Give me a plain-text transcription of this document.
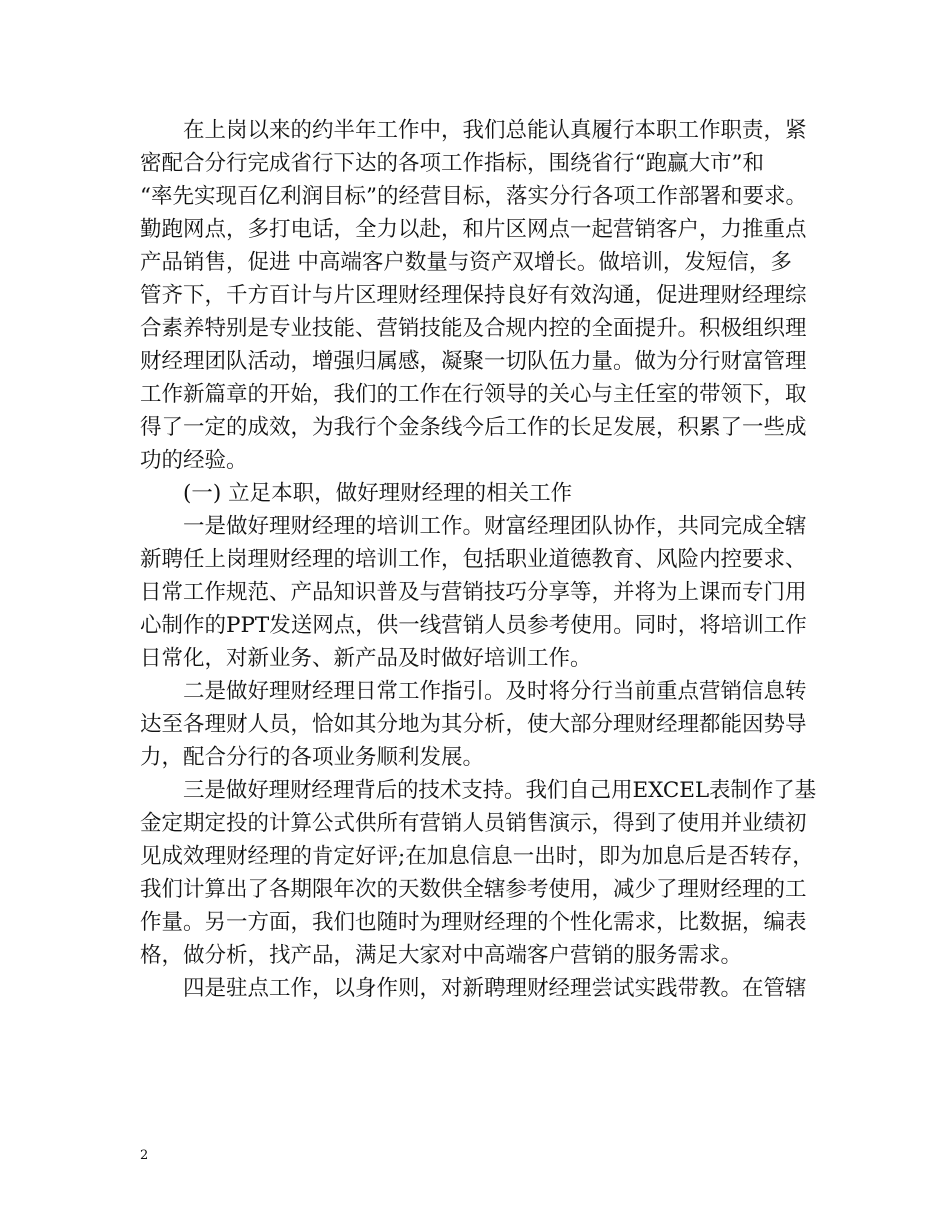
在上岗以来的约半年工作中，我们总能认真履行本职工作职责，紧
密配合分行完成省行下达的各项工作指标，围绕省行“跑赢大市”和
“率先实现百亿利润目标”的经营目标，落实分行各项工作部署和要求。
勤跑网点，多打电话，全力以赴，和片区网点一起营销客户，力推重点
产品销售，促进 中高端客户数量与资产双增长。做培训，发短信，多
管齐下，千方百计与片区理财经理保持良好有效沟通，促进理财经理综
合素养特别是专业技能、营销技能及合规内控的全面提升。积极组织理
财经理团队活动，增强归属感，凝聚一切队伍力量。做为分行财富管理
工作新篇章的开始，我们的工作在行领导的关心与主任室的带领下，取
得了一定的成效，为我行个金条线今后工作的长足发展，积累了一些成
功的经验。
(一) 立足本职，做好理财经理的相关工作
一是做好理财经理的培训工作。财富经理团队协作，共同完成全辖
新聘任上岗理财经理的培训工作，包括职业道德教育、风险内控要求、
日常工作规范、产品知识普及与营销技巧分享等，并将为上课而专门用
心制作的PPT发送网点，供一线营销人员参考使用。同时，将培训工作
日常化，对新业务、新产品及时做好培训工作。
二是做好理财经理日常工作指引。及时将分行当前重点营销信息转
达至各理财人员，恰如其分地为其分析，使大部分理财经理都能因势导
力，配合分行的各项业务顺利发展。
三是做好理财经理背后的技术支持。我们自己用EXCEL表制作了基
金定期定投的计算公式供所有营销人员销售演示，得到了使用并业绩初
见成效理财经理的肯定好评;在加息信息一出时，即为加息后是否转存，
我们计算出了各期限年次的天数供全辖参考使用，减少了理财经理的工
作量。另一方面，我们也随时为理财经理的个性化需求，比数据，编表
格，做分析，找产品，满足大家对中高端客户营销的服务需求。
四是驻点工作，以身作则，对新聘理财经理尝试实践带教。在管辖
2
